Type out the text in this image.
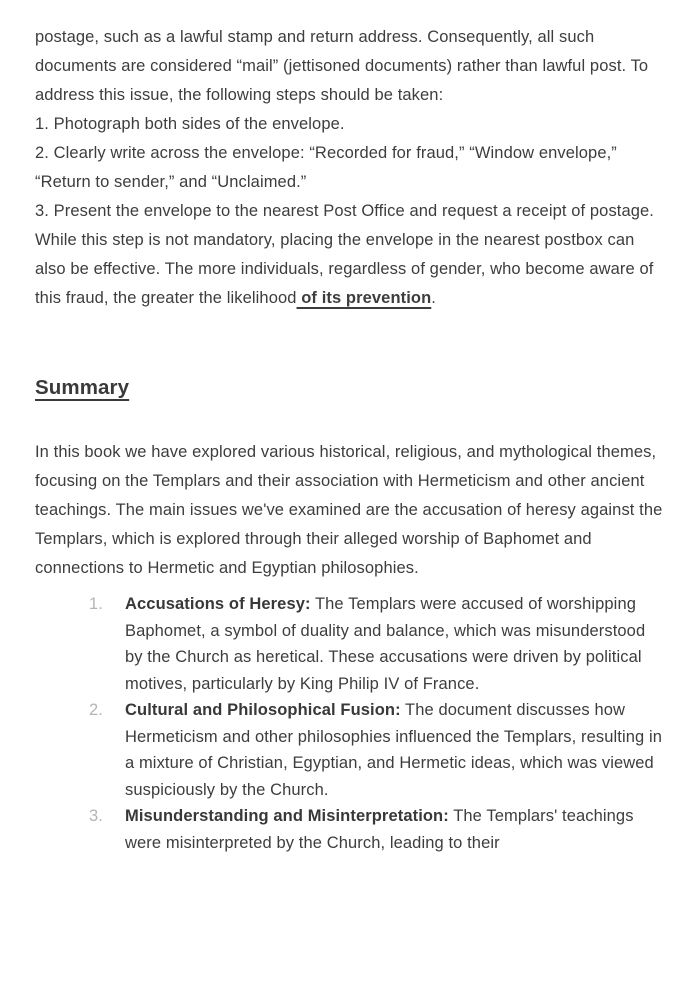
postage, such as a lawful stamp and return address. Consequently, all such documents are considered “mail” (jettisoned documents) rather than lawful post. To address this issue, the following steps should be taken:

1. Photograph both sides of the envelope.

2. Clearly write across the envelope: “Recorded for fraud,” “Window envelope,” “Return to sender,” and “Unclaimed.”

3. Present the envelope to the nearest Post Office and request a receipt of postage. While this step is not mandatory, placing the envelope in the nearest postbox can also be effective. The more individuals, regardless of gender, who become aware of this fraud, the greater the likelihood of its prevention.

Summary

In this book we have explored various historical, religious, and mythological themes, focusing on the Templars and their association with Hermeticism and other ancient teachings. The main issues we've examined are the accusation of heresy against the Templars, which is explored through their alleged worship of Baphomet and connections to Hermetic and Egyptian philosophies.

1.	Accusations of Heresy: The Templars were accused of worshipping Baphomet, a symbol of duality and balance, which was misunderstood by the Church as heretical. These accusations were driven by political motives, particularly by King Philip IV of France.
2.	Cultural and Philosophical Fusion: The document discusses how Hermeticism and other philosophies influenced the Templars, resulting in a mixture of Christian, Egyptian, and Hermetic ideas, which was viewed suspiciously by the Church.
3.	Misunderstanding and Misinterpretation: The Templars' teachings were misinterpreted by the Church, leading to their
